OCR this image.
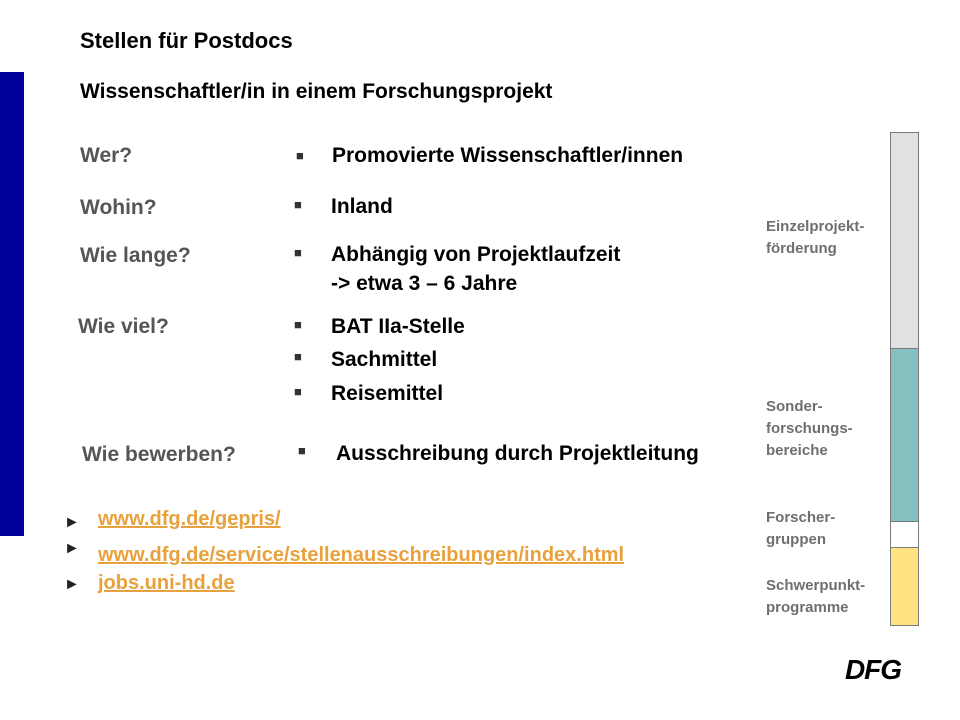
Stellen für Postdocs
Wissenschaftler/in in einem Forschungsprojekt
Wer?	■ Promovierte Wissenschaftler/innen
Wohin?	■ Inland
Wie lange?	■ Abhängig von Projektlaufzeit
-> etwa 3 – 6 Jahre
Wie viel?	■ BAT IIa-Stelle
■ Sachmittel
■ Reisemittel
Wie bewerben?	■ Ausschreibung durch Projektleitung
► www.dfg.de/gepris/
► www.dfg.de/service/stellenausschreibungen/index.html
► jobs.uni-hd.de
Einzelprojekt-
förderung
Sonder-
forschungs-
bereiche
Forscher-
gruppen
Schwerpunkt-
programme
DFG
